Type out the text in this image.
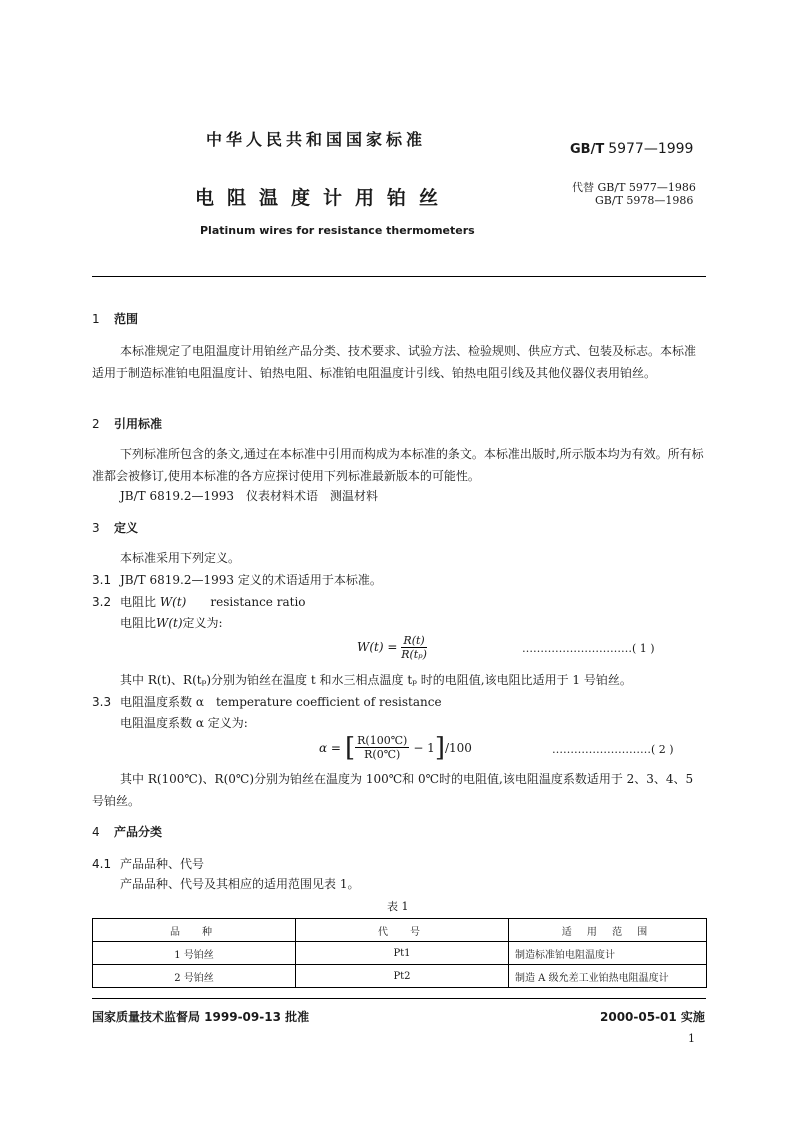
中华人民共和国国家标准
GB/T 5977—1999
电阻温度计用铂丝	代替 GB/T 5977—1986
GB/T 5978—1986
Platinum wires for resistance thermometers
1 范围
本标准规定了电阻温度计用铂丝产品分类、技术要求、试验方法、检验规则、供应方式、包装及标志。本标准适用于制造标准铂电阻温度计、铂热电阻、标准铂电阻温度计引线、铂热电阻引线及其他仪器仪表用铂丝。
2 引用标准
下列标准所包含的条文,通过在本标准中引用而构成为本标准的条文。本标准出版时,所示版本均为有效。所有标准都会被修订,使用本标准的各方应探讨使用下列标准最新版本的可能性。
JB/T 6819.2—1993　仪表材料术语　测温材料
3 定义
本标准采用下列定义。
3.1 JB/T 6819.2—1993 定义的术语适用于本标准。
3.2 电阻比 W(t)　　 resistance ratio
电阻比W(t)定义为:
$W(t) = \frac{R(t)}{\text{R(tₚ)}}$	…………………………( 1 )
其中 R(t)、R(tₚ)分别为铂丝在温度 t 和水三相点温度 tₚ 时的电阻值,该电阻比适用于 1 号铂丝。
3.3 电阻温度系数 α　 temperature coefficient of resistance
电阻温度系数 α 定义为:
α = [ $\frac{R(100℃)}{R(0℃)} - 1$ ] /100	………………………( 2 )
其中 R(100℃)、R(0℃)分别为铂丝在温度为 100℃和 0℃时的电阻值,该电阻温度系数适用于 2、3、4、5 号铂丝。
4 产品分类
4.1 产品品种、代号
产品品种、代号及其相应的适用范围见表 1。
表 1
品　种	代　号	适 用 范 围
1 号铂丝	Pt1	制造标准铂电阻温度计
2 号铂丝	Pt2	制造 A 级允差工业铂热电阻温度计
国家质量技术监督局 1999-09-13 批准	2000-05-01 实施
1
